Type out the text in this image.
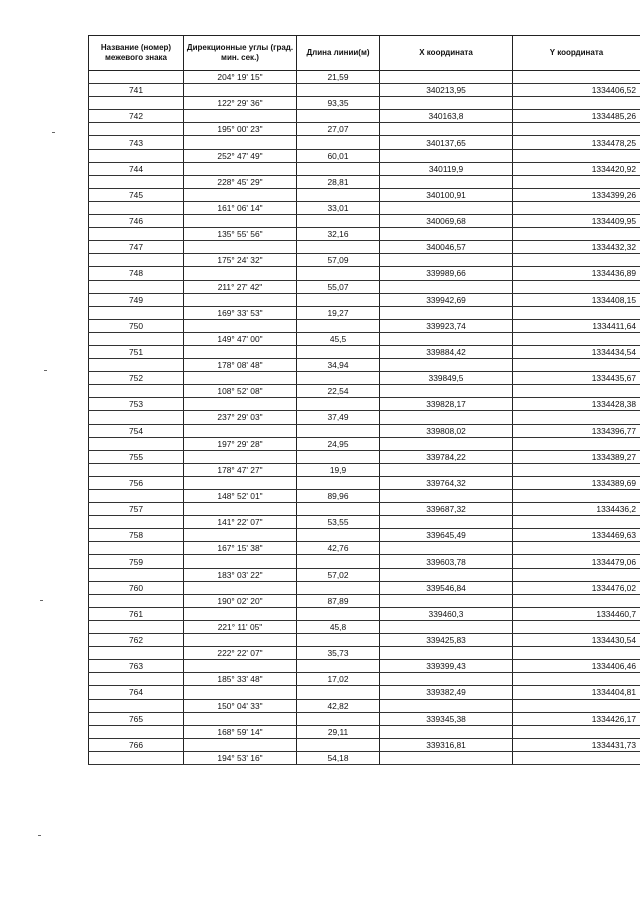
Название (номер) межевого знака	Дирекционные углы (град. мин. сек.)	Длина линии(м)	X координата	Y координата
	204° 19' 15"	21,59		
741			340213,95	1334406,52
	122° 29' 36"	93,35		
742			340163,8	1334485,26
	195° 00' 23"	27,07		
743			340137,65	1334478,25
	252° 47' 49"	60,01		
744			340119,9	1334420,92
	228° 45' 29"	28,81		
745			340100,91	1334399,26
	161° 06' 14"	33,01		
746			340069,68	1334409,95
	135° 55' 56"	32,16		
747			340046,57	1334432,32
	175° 24' 32"	57,09		
748			339989,66	1334436,89
	211° 27' 42"	55,07		
749			339942,69	1334408,15
	169° 33' 53"	19,27		
750			339923,74	1334411,64
	149° 47' 00"	45,5		
751			339884,42	1334434,54
	178° 08' 48"	34,94		
752			339849,5	1334435,67
	108° 52' 08"	22,54		
753			339828,17	1334428,38
	237° 29' 03"	37,49		
754			339808,02	1334396,77
	197° 29' 28"	24,95		
755			339784,22	1334389,27
	178° 47' 27"	19,9		
756			339764,32	1334389,69
	148° 52' 01"	89,96		
757			339687,32	1334436,2
	141° 22' 07"	53,55		
758			339645,49	1334469,63
	167° 15' 38"	42,76		
759			339603,78	1334479,06
	183° 03' 22"	57,02		
760			339546,84	1334476,02
	190° 02' 20"	87,89		
761			339460,3	1334460,7
	221° 11' 05"	45,8		
762			339425,83	1334430,54
	222° 22' 07"	35,73		
763			339399,43	1334406,46
	185° 33' 48"	17,02		
764			339382,49	1334404,81
	150° 04' 33"	42,82		
765			339345,38	1334426,17
	168° 59' 14"	29,11		
766			339316,81	1334431,73
	194° 53' 16"	54,18		
